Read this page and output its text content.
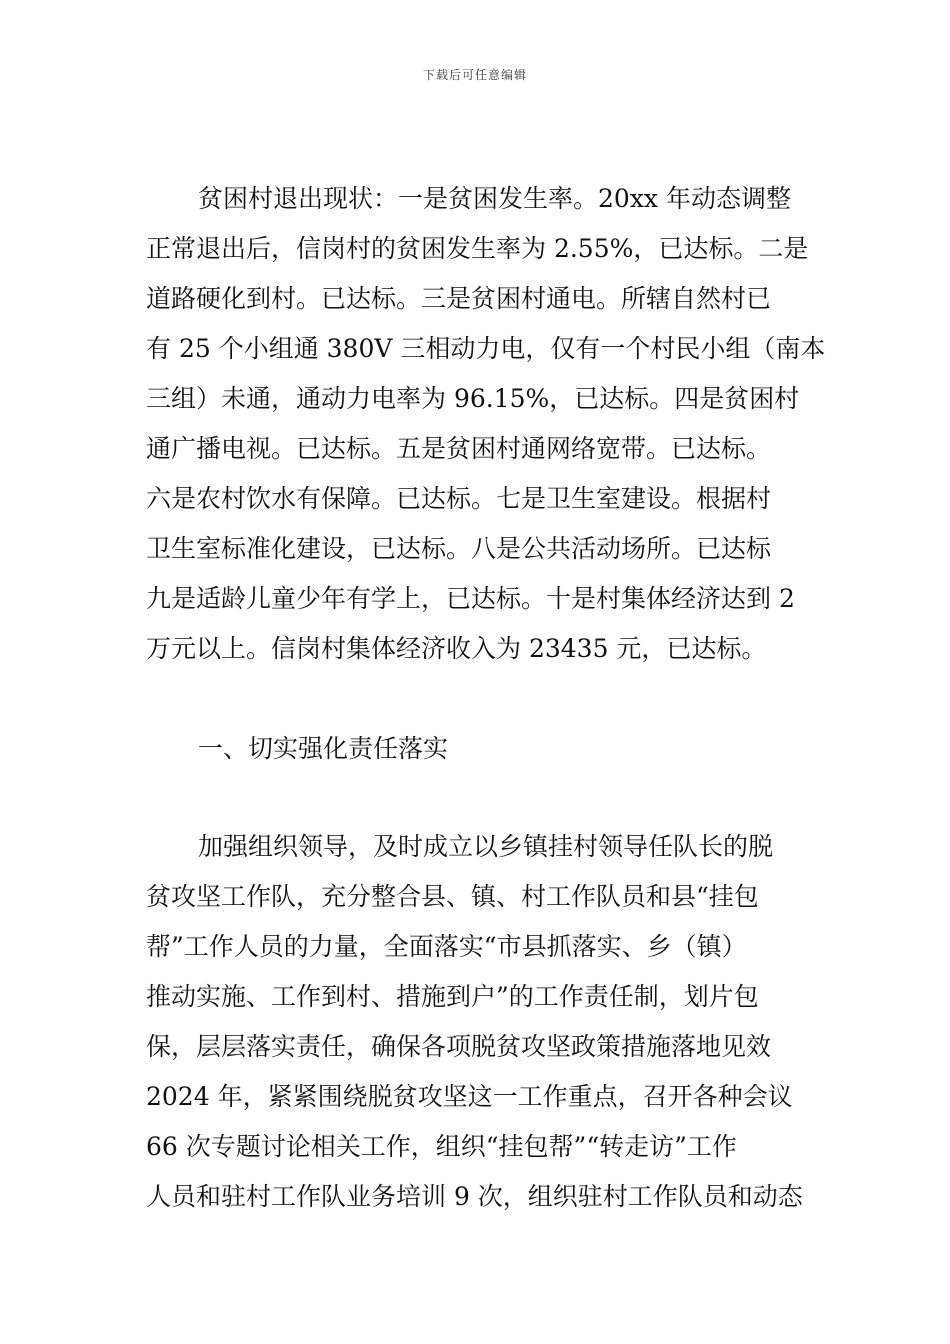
下载后可任意编辑
贫困村退出现状：一是贫困发生率。20xx 年动态调整
正常退出后，信岗村的贫困发生率为 2.55%，已达标。二是
道路硬化到村。已达标。三是贫困村通电。所辖自然村已
有 25 个小组通 380V 三相动力电，仅有一个村民小组（南本
三组）未通，通动力电率为 96.15%，已达标。四是贫困村
通广播电视。已达标。五是贫困村通网络宽带。已达标。
六是农村饮水有保障。已达标。七是卫生室建设。根据村
卫生室标准化建设，已达标。八是公共活动场所。已达标
九是适龄儿童少年有学上，已达标。十是村集体经济达到 2
万元以上。信岗村集体经济收入为 23435 元，已达标。
一、切实强化责任落实
加强组织领导，及时成立以乡镇挂村领导任队长的脱
贫攻坚工作队，充分整合县、镇、村工作队员和县“挂包
帮”工作人员的力量，全面落实“市县抓落实、乡（镇）
推动实施、工作到村、措施到户”的工作责任制，划片包
保，层层落实责任，确保各项脱贫攻坚政策措施落地见效
2024 年，紧紧围绕脱贫攻坚这一工作重点，召开各种会议
66 次专题讨论相关工作，组织“挂包帮”“转走访”工作
人员和驻村工作队业务培训 9 次，组织驻村工作队员和动态
